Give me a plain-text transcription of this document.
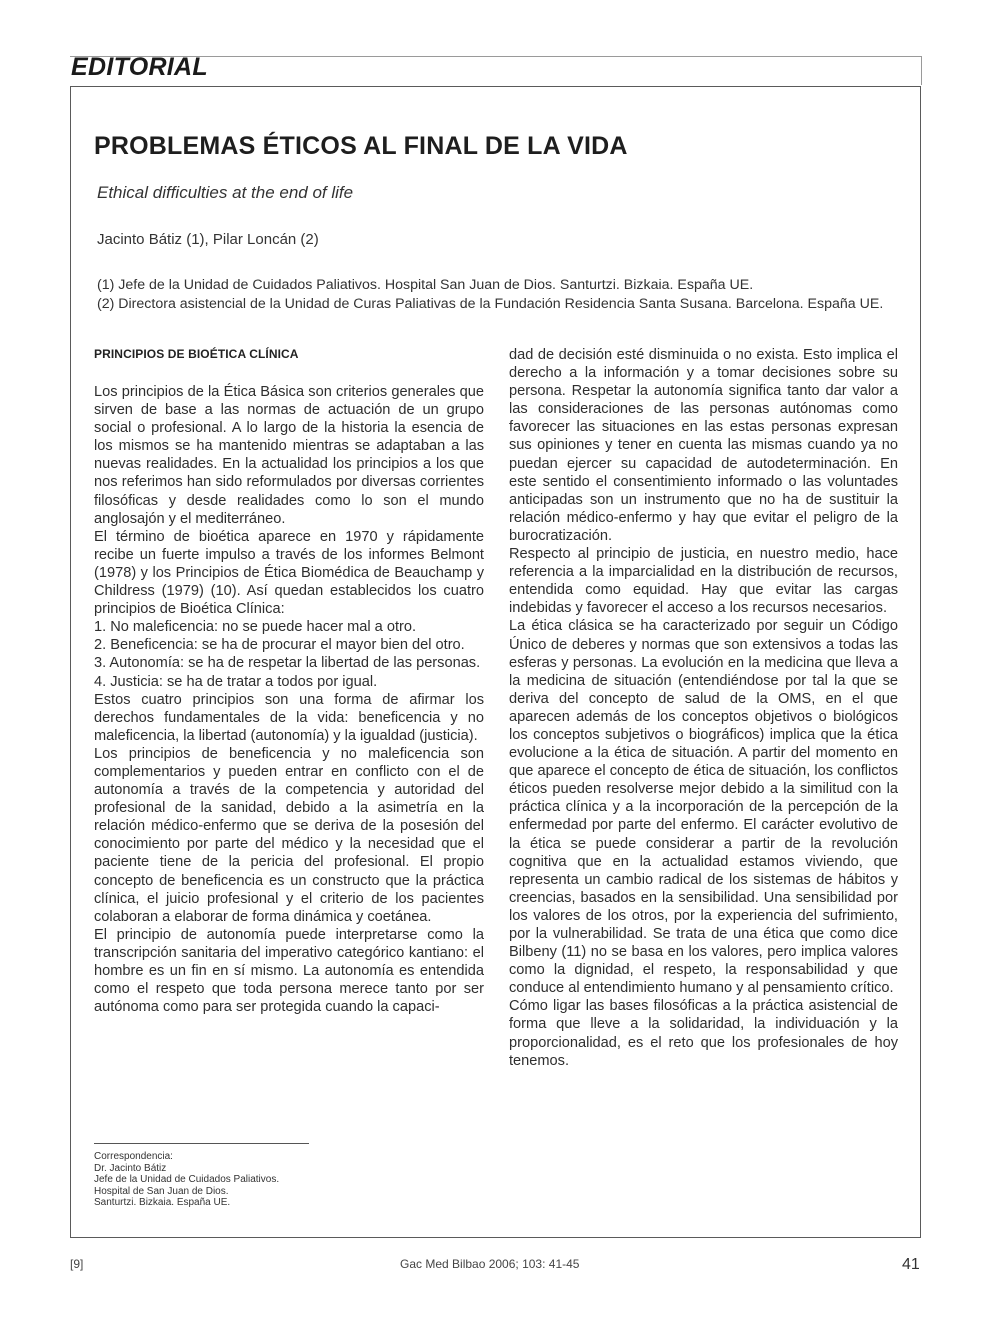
EDITORIAL
PROBLEMAS ÉTICOS AL FINAL DE LA VIDA
Ethical difficulties at the end of life
Jacinto Bátiz (1), Pilar Loncán (2)
(1) Jefe de la Unidad de Cuidados Paliativos. Hospital San Juan de Dios. Santurtzi. Bizkaia. España UE.
(2) Directora asistencial de la Unidad de Curas Paliativas de la Fundación Residencia Santa Susana. Barcelona. España UE.
PRINCIPIOS DE BIOÉTICA CLÍNICA

Los principios de la Ética Básica son criterios generales que sirven de base a las normas de actuación de un grupo social o profesional. A lo largo de la historia la esencia de los mismos se ha mantenido mientras se adaptaban a las nuevas realidades. En la actualidad los principios a los que nos referimos han sido reformulados por diversas corrientes filosóficas y desde realidades como lo son el mundo anglosajón y el mediterráneo.

El término de bioética aparece en 1970 y rápidamente recibe un fuerte impulso a través de los informes Belmont (1978) y los Principios de Ética Biomédica de Beauchamp y Childress (1979) (10). Así quedan establecidos los cuatro principios de Bioética Clínica:

1. No maleficencia: no se puede hacer mal a otro.

2. Beneficencia: se ha de procurar el mayor bien del otro.

3. Autonomía: se ha de respetar la libertad de las personas.

4. Justicia: se ha de tratar a todos por igual.

Estos cuatro principios son una forma de afirmar los derechos fundamentales de la vida: beneficencia y no maleficencia, la libertad (autonomía) y la igualdad (justicia).

Los principios de beneficencia y no maleficencia son complementarios y pueden entrar en conflicto con el de autonomía a través de la competencia y autoridad del profesional de la sanidad, debido a la asimetría en la relación médico-enfermo que se deriva de la posesión del conocimiento por parte del médico y la necesidad que el paciente tiene de la pericia del profesional. El propio concepto de beneficencia es un constructo que la práctica clínica, el juicio profesional y el criterio de los pacientes colaboran a elaborar de forma dinámica y coetánea.

El principio de autonomía puede interpretarse como la transcripción sanitaria del imperativo categórico kantiano: el hombre es un fin en sí mismo. La autonomía es entendida como el respeto que toda persona merece tanto por ser autónoma como para ser protegida cuando la capaci-

dad de decisión esté disminuida o no exista. Esto implica el derecho a la información y a tomar decisiones sobre su persona. Respetar la autonomía significa tanto dar valor a las consideraciones de las personas autónomas como favorecer las situaciones en las estas personas expresan sus opiniones y tener en cuenta las mismas cuando ya no puedan ejercer su capacidad de autodeterminación. En este sentido el consentimiento informado o las voluntades anticipadas son un instrumento que no ha de sustituir la relación médico-enfermo y hay que evitar el peligro de la burocratización.

Respecto al principio de justicia, en nuestro medio, hace referencia a la imparcialidad en la distribución de recursos, entendida como equidad. Hay que evitar las cargas indebidas y favorecer el acceso a los recursos necesarios.

La ética clásica se ha caracterizado por seguir un Código Único de deberes y normas que son extensivos a todas las esferas y personas. La evolución en la medicina que lleva a la medicina de situación (entendiéndose por tal la que se deriva del concepto de salud de la OMS, en el que aparecen además de los conceptos objetivos o biológicos los conceptos subjetivos o biográficos) implica que la ética evolucione a la ética de situación. A partir del momento en que aparece el concepto de ética de situación, los conflictos éticos pueden resolverse mejor debido a la similitud con la práctica clínica y a la incorporación de la percepción de la enfermedad por parte del enfermo. El carácter evolutivo de la ética se puede considerar a partir de la revolución cognitiva que en la actualidad estamos viviendo, que representa un cambio radical de los sistemas de hábitos y creencias, basados en la sensibilidad. Una sensibilidad por los valores de los otros, por la experiencia del sufrimiento, por la vulnerabilidad. Se trata de una ética que como dice Bilbeny (11) no se basa en los valores, pero implica valores como la dignidad, el respeto, la responsabilidad y que conduce al entendimiento humano y al pensamiento crítico.

Cómo ligar las bases filosóficas a la práctica asistencial de forma que lleve a la solidaridad, la individuación y la proporcionalidad, es el reto que los profesionales de hoy tenemos.

Correspondencia:
Dr. Jacinto Bátiz
Jefe de la Unidad de Cuidados Paliativos.
Hospital de San Juan de Dios.
Santurtzi. Bizkaia. España UE.
[9]	Gac Med Bilbao 2006; 103: 41-45	41
